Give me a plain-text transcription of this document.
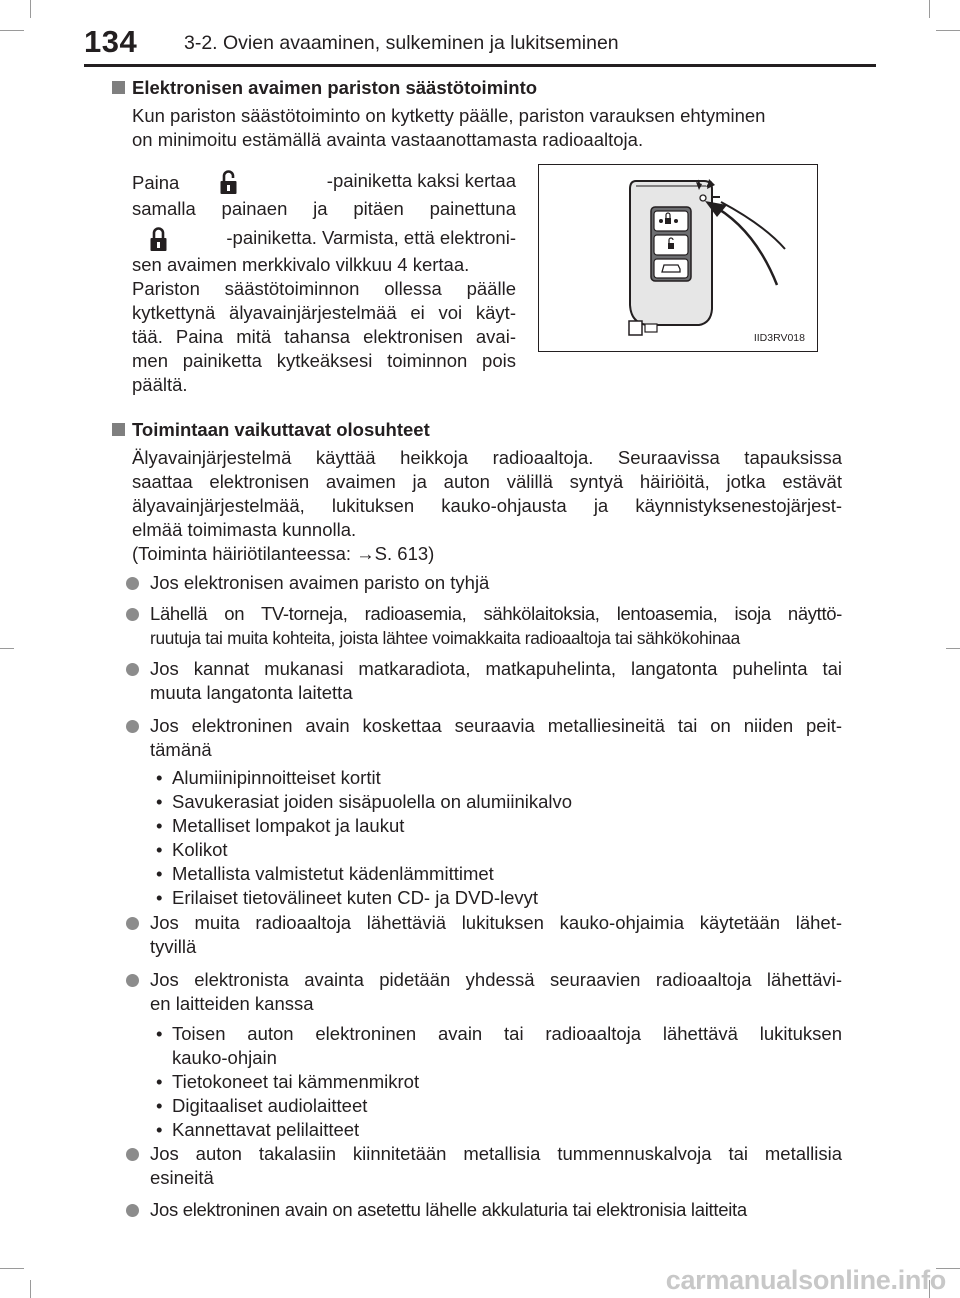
134 3-2. Ovien avaaminen, sulkeminen ja lukitseminen
Elektronisen avaimen pariston säästötoiminto
Kun pariston säästötoiminto on kytketty päälle, pariston varauksen ehtyminen
on minimoitu estämällä avainta vastaanottamasta radioaaltoja.
Paina	-painiketta kaksi kertaa
samalla painaen ja pitäen painettuna
-painiketta. Varmista, että elektroni-
sen avaimen merkkivalo vilkkuu 4 kertaa.
Pariston säästötoiminnon ollessa päälle
kytkettynä älyavainjärjestelmää ei voi käyt-
tää. Paina mitä tahansa elektronisen avai-
men painiketta kytkeäksesi toiminnon pois
päältä.
IID3RV018
Toimintaan vaikuttavat olosuhteet
Älyavainjärjestelmä käyttää heikkoja radioaaltoja. Seuraavissa tapauksissa
saattaa elektronisen avaimen ja auton välillä syntyä häiriöitä, jotka estävät
älyavainjärjestelmää, lukituksen kauko-ohjausta ja käynnistyksenestojärjest-
elmää toimimasta kunnolla.
(Toiminta häiriötilanteessa: →S. 613)
Jos elektronisen avaimen paristo on tyhjä
Lähellä on TV-torneja, radioasemia, sähkölaitoksia, lentoasemia, isoja näyttö-
ruutuja tai muita kohteita, joista lähtee voimakkaita radioaaltoja tai sähkökohinaa
Jos kannat mukanasi matkaradiota, matkapuhelinta, langatonta puhelinta tai
muuta langatonta laitetta
Jos elektroninen avain koskettaa seuraavia metalliesineitä tai on niiden peit-
tämänä
• Alumiinipinnoitteiset kortit
• Savukerasiat joiden sisäpuolella on alumiinikalvo
• Metalliset lompakot ja laukut
• Kolikot
• Metallista valmistetut kädenlämmittimet
• Erilaiset tietovälineet kuten CD- ja DVD-levyt
Jos muita radioaaltoja lähettäviä lukituksen kauko-ohjaimia käytetään lähet-
tyvillä
Jos elektronista avainta pidetään yhdessä seuraavien radioaaltoja lähettävi-
en laitteiden kanssa
• Toisen auton elektroninen avain tai radioaaltoja lähettävä lukituksen
kauko-ohjain
• Tietokoneet tai kämmenmikrot
• Digitaaliset audiolaitteet
• Kannettavat pelilaitteet
Jos auton takalasiin kiinnitetään metallisia tummennuskalvoja tai metallisia
esineitä
Jos elektroninen avain on asetettu lähelle akkulaturia tai elektronisia laitteita
carmanualsonline.info
